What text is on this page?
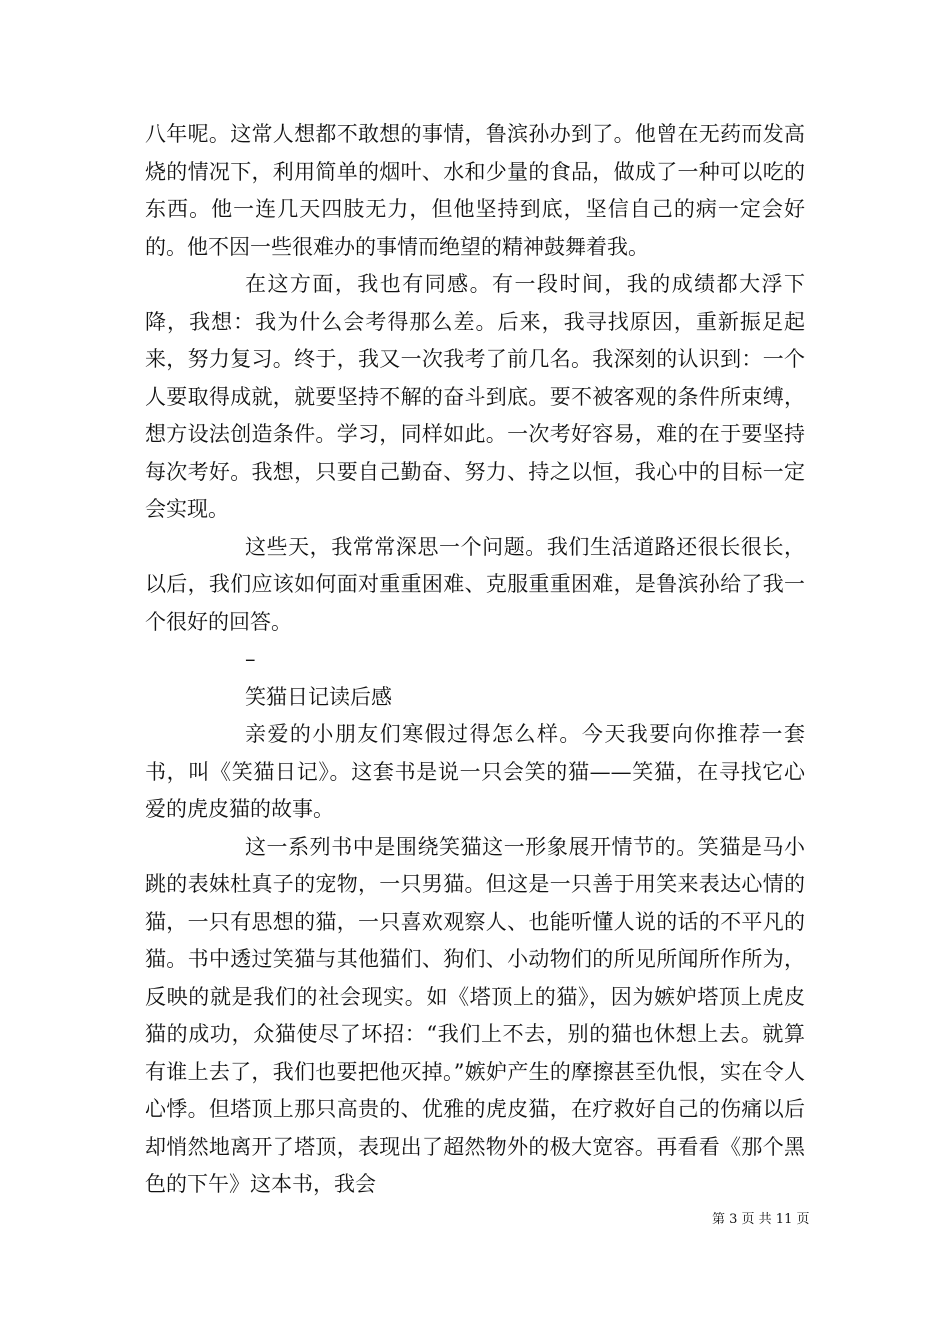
八年呢。这常人想都不敢想的事情，鲁滨孙办到了。他曾在无药而发高烧的情况下，利用简单的烟叶、水和少量的食品，做成了一种可以吃的东西。他一连几天四肢无力，但他坚持到底，坚信自己的病一定会好的。他不因一些很难办的事情而绝望的精神鼓舞着我。

在这方面，我也有同感。有一段时间，我的成绩都大浮下降，我想：我为什么会考得那么差。后来，我寻找原因，重新振足起来，努力复习。终于，我又一次我考了前几名。我深刻的认识到：一个人要取得成就，就要坚持不解的奋斗到底。要不被客观的条件所束缚，想方设法创造条件。学习，同样如此。一次考好容易，难的在于要坚持每次考好。我想，只要自己勤奋、努力、持之以恒，我心中的目标一定会实现。

这些天，我常常深思一个问题。我们生活道路还很长很长，以后，我们应该如何面对重重困难、克服重重困难，是鲁滨孙给了我一个很好的回答。

–
笑猫日记读后感

亲爱的小朋友们寒假过得怎么样。今天我要向你推荐一套书，叫《笑猫日记》。这套书是说一只会笑的猫——笑猫，在寻找它心爱的虎皮猫的故事。

这一系列书中是围绕笑猫这一形象展开情节的。笑猫是马小跳的表妹杜真子的宠物，一只男猫。但这是一只善于用笑来表达心情的猫，一只有思想的猫，一只喜欢观察人、也能听懂人说的话的不平凡的猫。书中透过笑猫与其他猫们、狗们、小动物们的所见所闻所作所为，反映的就是我们的社会现实。如《塔顶上的猫》，因为嫉妒塔顶上虎皮猫的成功，众猫使尽了坏招：“我们上不去，别的猫也休想上去。就算有谁上去了，我们也要把他灭掉。”嫉妒产生的摩擦甚至仇恨，实在令人心悸。但塔顶上那只高贵的、优雅的虎皮猫，在疗救好自己的伤痛以后却悄然地离开了塔顶，表现出了超然物外的极大宽容。再看看《那个黑色的下午》这本书，我会

第 3 页 共 11 页
